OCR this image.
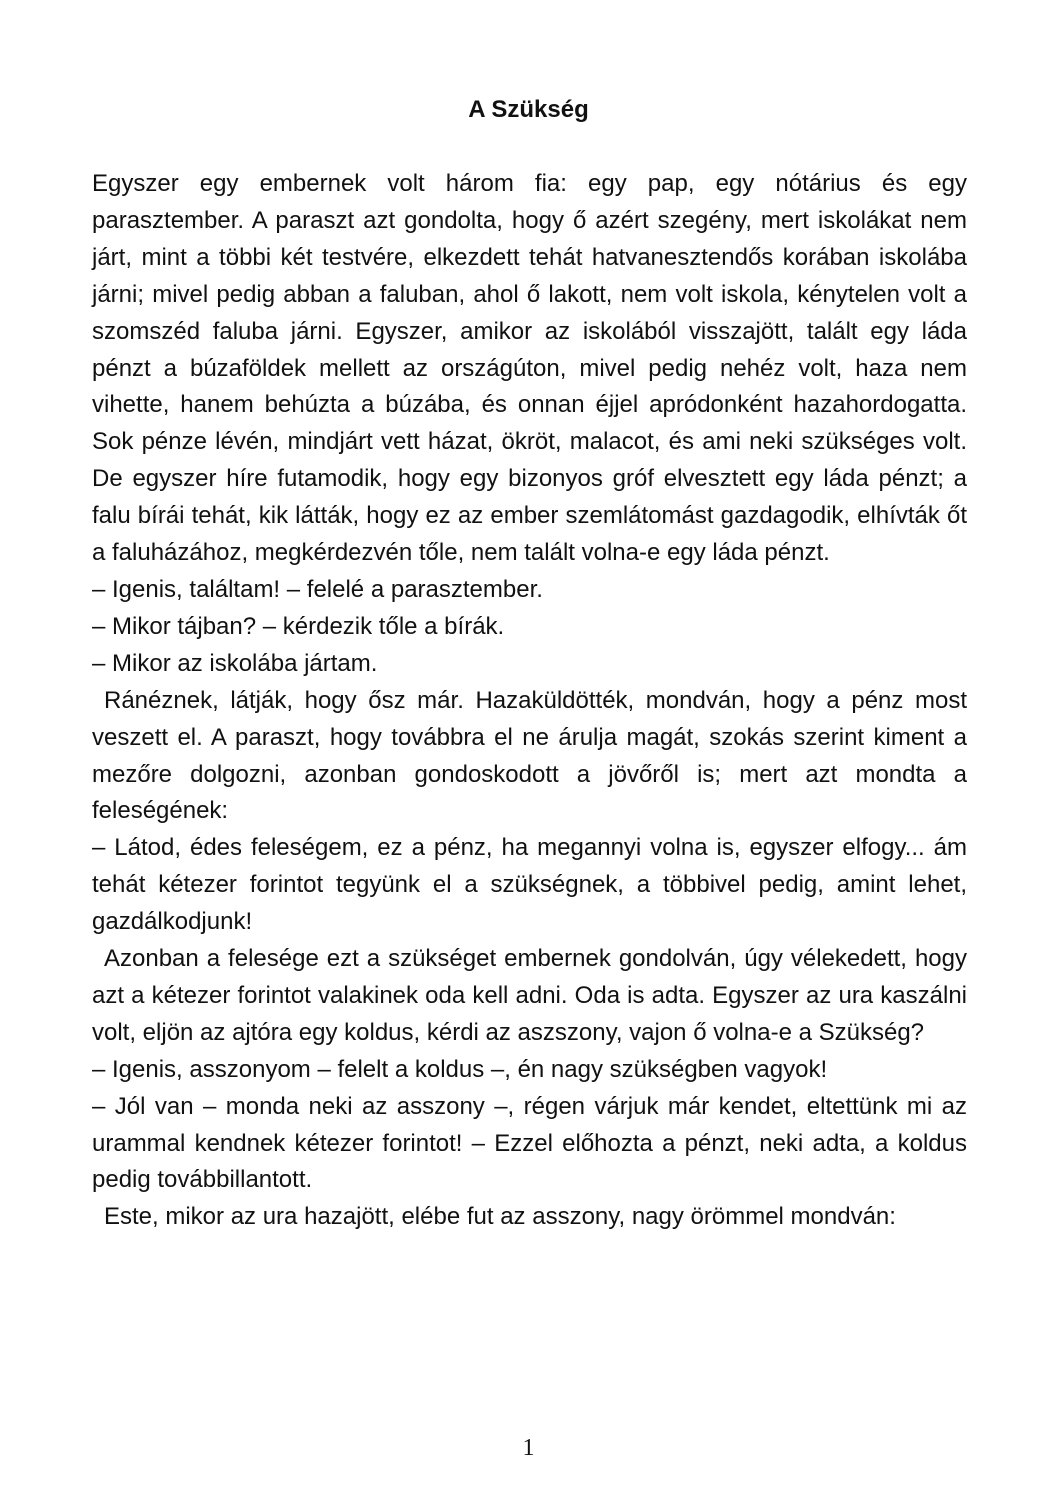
A Szükség

Egyszer egy embernek volt három fia: egy pap, egy nótárius és egy parasztember. A paraszt azt gondolta, hogy ő azért szegény, mert iskolákat nem járt, mint a többi két testvére, elkezdett tehát hatvanesztendős korában iskolába járni; mivel pedig abban a faluban, ahol ő lakott, nem volt iskola, kénytelen volt a szomszéd faluba járni. Egyszer, amikor az iskolából visszajött, talált egy láda pénzt a búzaföldek mellett az országúton, mivel pedig nehéz volt, haza nem vihette, hanem behúzta a búzába, és onnan éjjel apródonként hazahordogatta. Sok pénze lévén, mindjárt vett házat, ökröt, malacot, és ami neki szükséges volt. De egyszer híre futamodik, hogy egy bizonyos gróf elvesztett egy láda pénzt; a falu bírái tehát, kik látták, hogy ez az ember szemlátomást gazdagodik, elhívták őt a faluházához, megkérdezvén tőle, nem talált volna-e egy láda pénzt.

– Igenis, találtam! – felelé a parasztember.

– Mikor tájban? – kérdezik tőle a bírák.

– Mikor az iskolába jártam.

Ránéznek, látják, hogy ősz már. Hazaküldötték, mondván, hogy a pénz most veszett el. A paraszt, hogy továbbra el ne árulja magát, szokás szerint kiment a mezőre dolgozni, azonban gondoskodott a jövőről is; mert azt mondta a feleségének:

– Látod, édes feleségem, ez a pénz, ha megannyi volna is, egyszer elfogy... ám tehát kétezer forintot tegyünk el a szükségnek, a többivel pedig, amint lehet, gazdálkodjunk!

Azonban a felesége ezt a szükséget embernek gondolván, úgy vélekedett, hogy azt a kétezer forintot valakinek oda kell adni. Oda is adta. Egyszer az ura kaszálni volt, eljön az ajtóra egy koldus, kérdi az aszszony, vajon ő volna-e a Szükség?

– Igenis, asszonyom – felelt a koldus –, én nagy szükségben vagyok!

– Jól van – monda neki az asszony –, régen várjuk már kendet, eltettünk mi az urammal kendnek kétezer forintot! – Ezzel előhozta a pénzt, neki adta, a koldus pedig továbbillantott.

Este, mikor az ura hazajött, elébe fut az asszony, nagy örömmel mondván:

1
